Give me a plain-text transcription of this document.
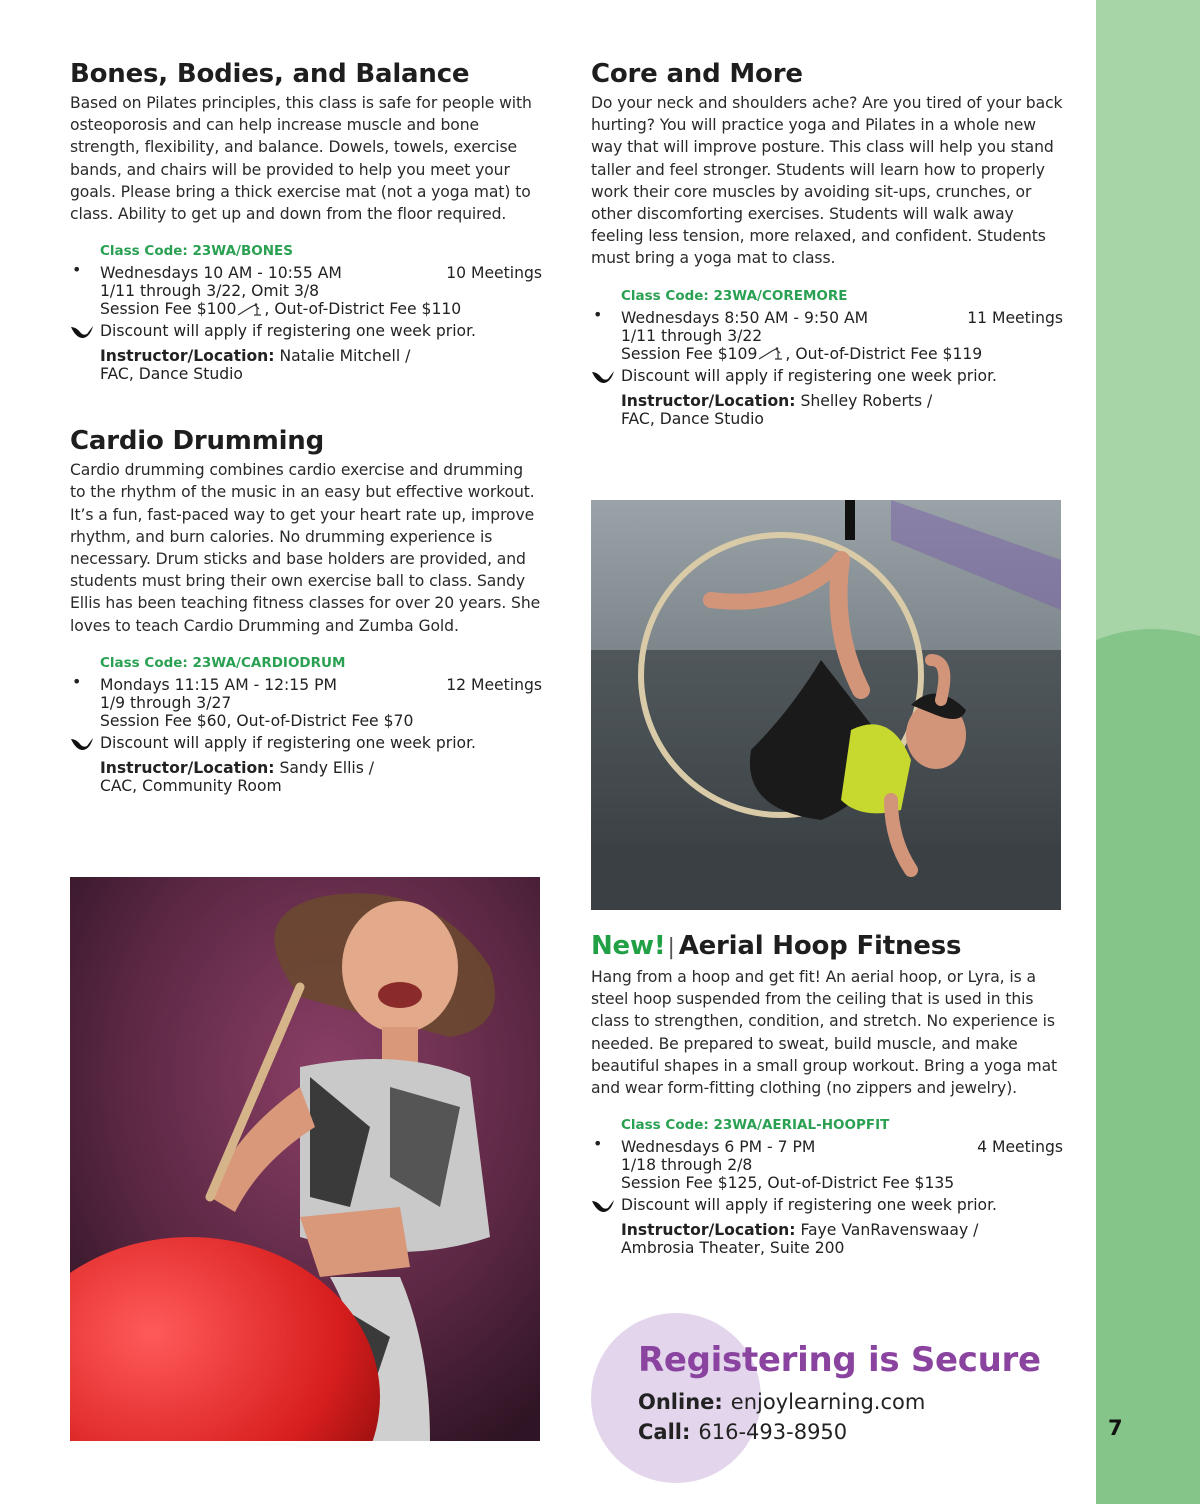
7
Bones, Bodies, and Balance

Based on Pilates principles, this class is safe for people with osteoporosis and can help increase muscle and bone strength, flexibility, and balance. Dowels, towels, exercise bands, and chairs will be provided to help you meet your goals. Please bring a thick exercise mat (not a yoga mat) to class. Ability to get up and down from the floor required.

Class Code: 23WA/BONES
• Wednesdays 10 AM - 10:55 AM	10 Meetings
1/11 through 3/22, Omit 3/8
Session Fee $100 , Out-of-District Fee $110
Discount will apply if registering one week prior.
Instructor/Location: Natalie Mitchell /
FAC, Dance Studio
Cardio Drumming

Cardio drumming combines cardio exercise and drumming to the rhythm of the music in an easy but effective workout. It’s a fun, fast-paced way to get your heart rate up, improve rhythm, and burn calories. No drumming experience is necessary. Drum sticks and base holders are provided, and students must bring their own exercise ball to class. Sandy Ellis has been teaching fitness classes for over 20 years. She loves to teach Cardio Drumming and Zumba Gold.

Class Code: 23WA/CARDIODRUM
• Mondays 11:15 AM - 12:15 PM	12 Meetings
1/9 through 3/27
Session Fee $60, Out-of-District Fee $70
Discount will apply if registering one week prior.
Instructor/Location: Sandy Ellis /
CAC, Community Room
Core and More

Do your neck and shoulders ache? Are you tired of your back hurting? You will practice yoga and Pilates in a whole new way that will improve posture. This class will help you stand taller and feel stronger. Students will learn how to properly work their core muscles by avoiding sit-ups, crunches, or other discomforting exercises. Students will walk away feeling less tension, more relaxed, and confident. Students must bring a yoga mat to class.

Class Code: 23WA/COREMORE
• Wednesdays 8:50 AM - 9:50 AM	11 Meetings
1/11 through 3/22
Session Fee $109 , Out-of-District Fee $119
Discount will apply if registering one week prior.
Instructor/Location: Shelley Roberts /
FAC, Dance Studio
New!| Aerial Hoop Fitness

Hang from a hoop and get fit! An aerial hoop, or Lyra, is a steel hoop suspended from the ceiling that is used in this class to strengthen, condition, and stretch. No experience is needed. Be prepared to sweat, build muscle, and make beautiful shapes in a small group workout. Bring a yoga mat and wear form-fitting clothing (no zippers and jewelry).

Class Code: 23WA/AERIAL-HOOPFIT
• Wednesdays 6 PM - 7 PM	4 Meetings
1/18 through 2/8
Session Fee $125, Out-of-District Fee $135
Discount will apply if registering one week prior.
Instructor/Location: Faye VanRavenswaay /
Ambrosia Theater, Suite 200
Registering is Secure
Online: enjoylearning.com
Call: 616-493-8950
